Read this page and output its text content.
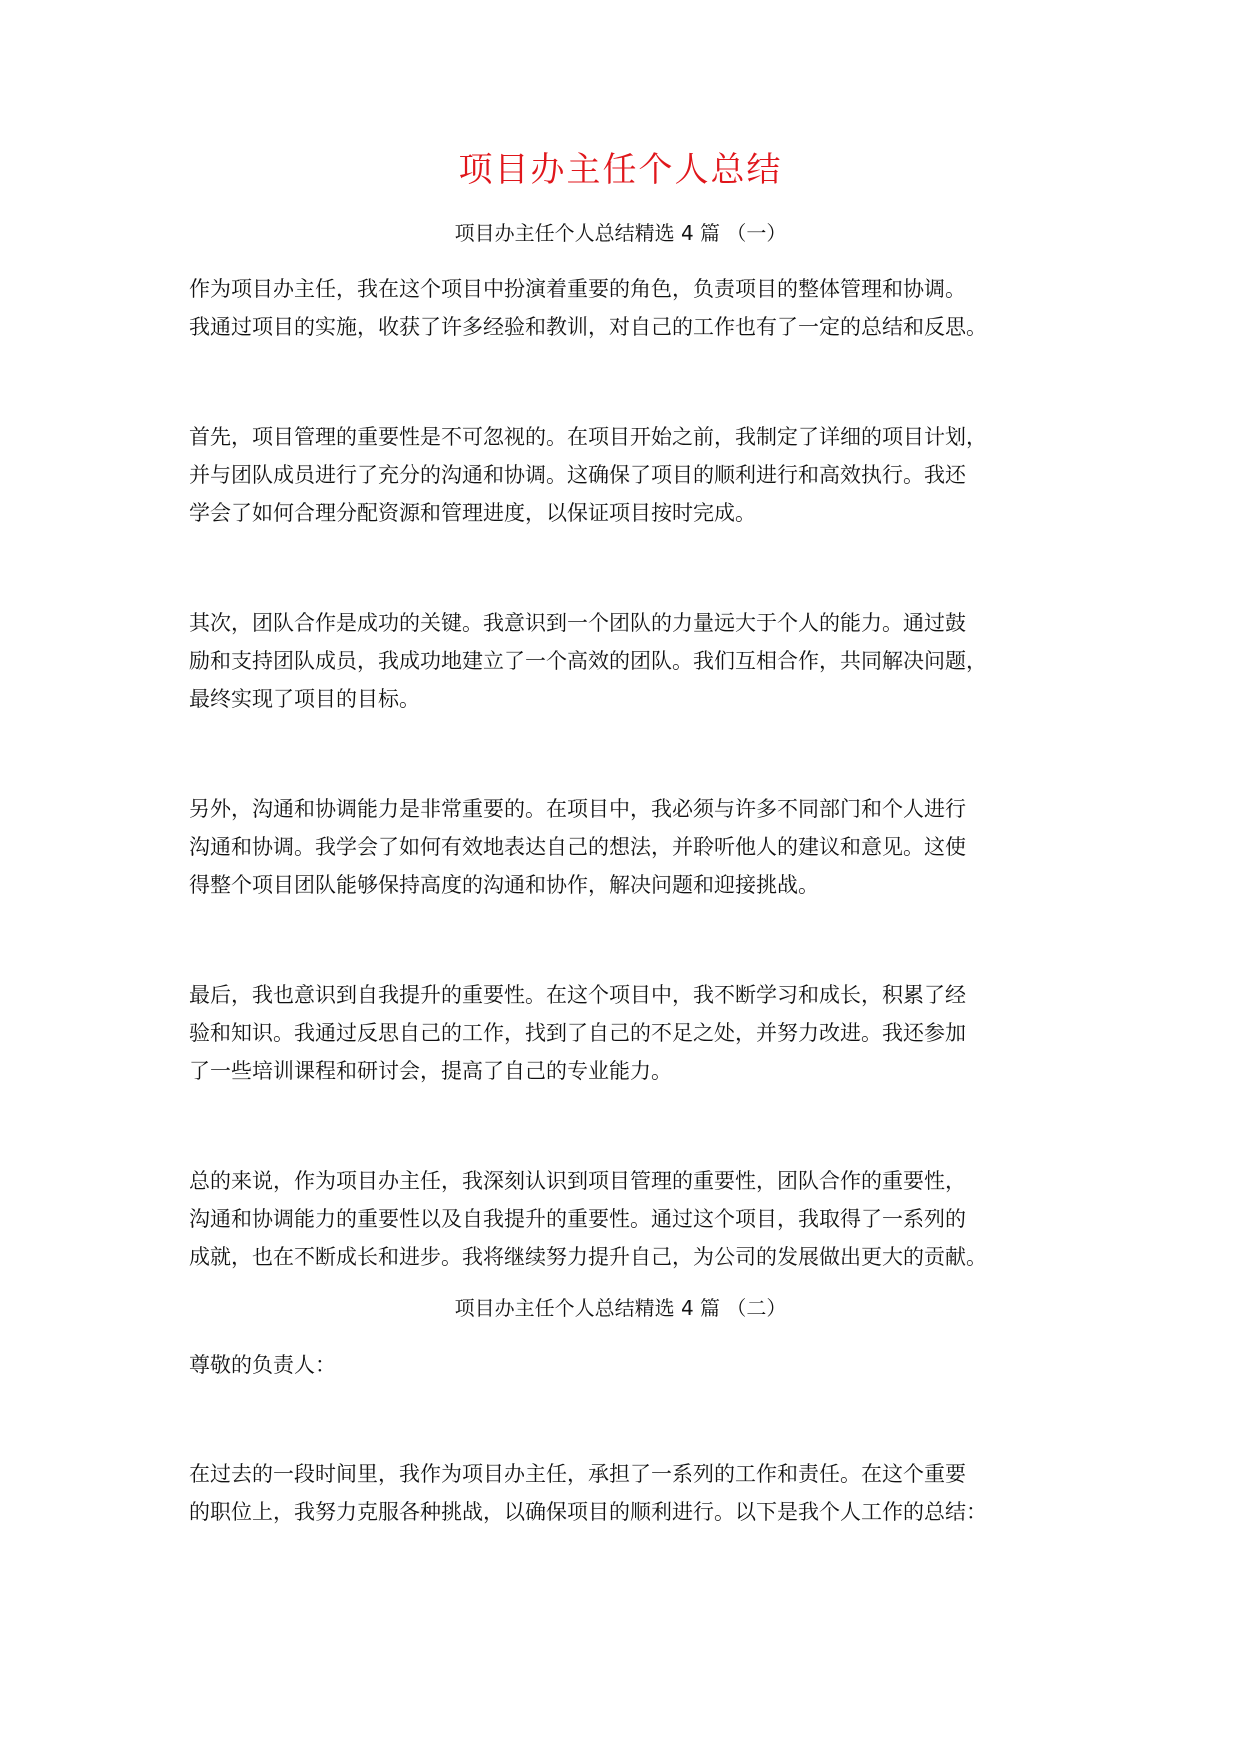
项目办主任个人总结
项目办主任个人总结精选 4 篇 （一）
作为项目办主任，我在这个项目中扮演着重要的角色，负责项目的整体管理和协调。
我通过项目的实施，收获了许多经验和教训，对自己的工作也有了一定的总结和反思。
首先，项目管理的重要性是不可忽视的。在项目开始之前，我制定了详细的项目计划，
并与团队成员进行了充分的沟通和协调。这确保了项目的顺利进行和高效执行。我还
学会了如何合理分配资源和管理进度，以保证项目按时完成。
其次，团队合作是成功的关键。我意识到一个团队的力量远大于个人的能力。通过鼓
励和支持团队成员，我成功地建立了一个高效的团队。我们互相合作，共同解决问题，
最终实现了项目的目标。
另外，沟通和协调能力是非常重要的。在项目中，我必须与许多不同部门和个人进行
沟通和协调。我学会了如何有效地表达自己的想法，并聆听他人的建议和意见。这使
得整个项目团队能够保持高度的沟通和协作，解决问题和迎接挑战。
最后，我也意识到自我提升的重要性。在这个项目中，我不断学习和成长，积累了经
验和知识。我通过反思自己的工作，找到了自己的不足之处，并努力改进。我还参加
了一些培训课程和研讨会，提高了自己的专业能力。
总的来说，作为项目办主任，我深刻认识到项目管理的重要性，团队合作的重要性，
沟通和协调能力的重要性以及自我提升的重要性。通过这个项目，我取得了一系列的
成就，也在不断成长和进步。我将继续努力提升自己，为公司的发展做出更大的贡献。
项目办主任个人总结精选 4 篇 （二）
尊敬的负责人：
在过去的一段时间里，我作为项目办主任，承担了一系列的工作和责任。在这个重要
的职位上，我努力克服各种挑战，以确保项目的顺利进行。以下是我个人工作的总结：
